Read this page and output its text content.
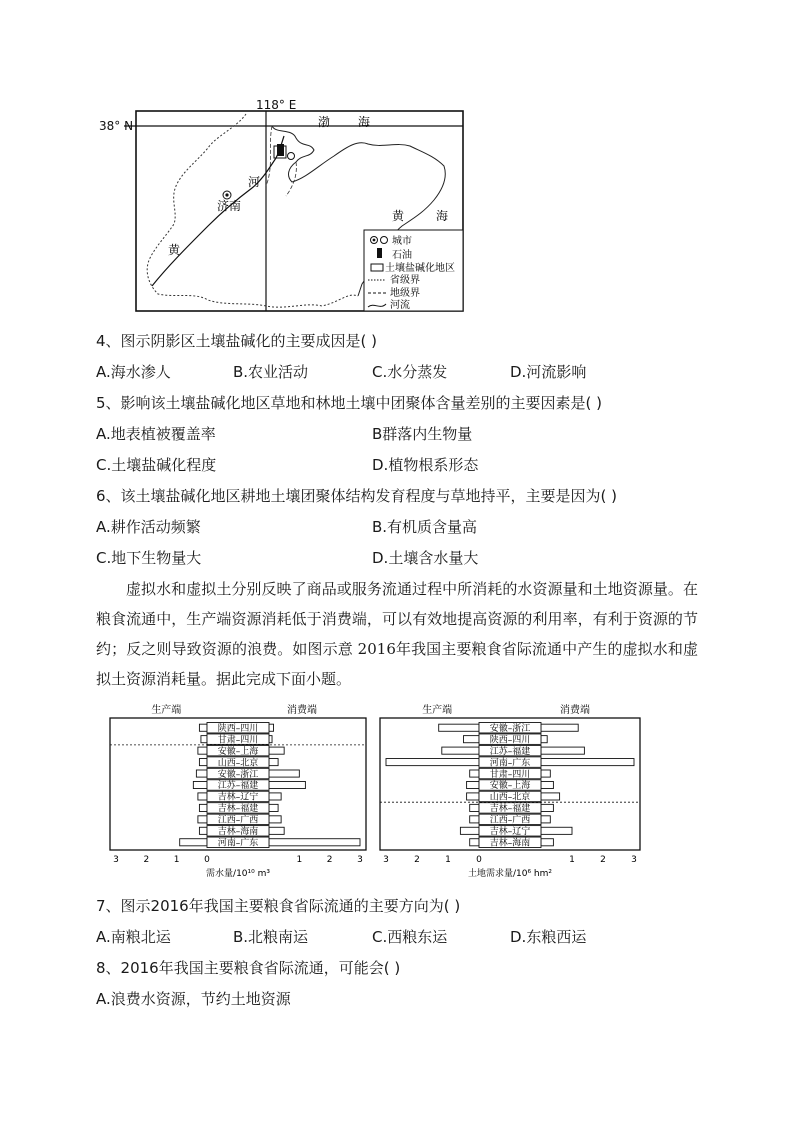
118° E
38° N	渤 海
河
黄
济南
黄	海
城市
石油
土壤盐碱化地区
省级界
地级界
河流
4、图示阴影区土壤盐碱化的主要成因是( )
A.海水渗人	B.农业活动	C.水分蒸发	D.河流影响
5、影响该土壤盐碱化地区草地和林地土壤中团聚体含量差别的主要因素是( )
A.地表植被覆盖率	B群落内生物量
C.土壤盐碱化程度	D.植物根系形态
6、该土壤盐碱化地区耕地土壤团聚体结构发育程度与草地持平，主要是因为( )
A.耕作活动频繁	B.有机质含量高
C.地下生物量大	D.土壤含水量大
虚拟水和虚拟土分别反映了商品或服务流通过程中所消耗的水资源量和土地资源量。在粮食流通中，生产端资源消耗低于消费端，可以有效地提高资源的利用率，有利于资源的节约；反之则导致资源的浪费。如图示意 2016年我国主要粮食省际流通中产生的虚拟水和虚拟土资源消耗量。据此完成下面小题。
生产端	消费端
陕西–四川
甘肃–四川
安徽–上海
山西–北京
安徽–浙江
江苏–福建
吉林–辽宁
吉林–福建
江西–广西
吉林–海南
河南–广东
3	2	1	0	1	2	3
需水量/10¹⁰ m³
生产端	消费端
安徽–浙江
陕西–四川
江苏–福建
河南–广东
甘肃–四川
安徽–上海
山西–北京
吉林–福建
江西–广西
吉林–辽宁
吉林–海南
3	2	1	0	1	2	3
土地需求量/10⁶ hm²
7、图示2016年我国主要粮食省际流通的主要方向为( )
A.南粮北运	B.北粮南运	C.西粮东运	D.东粮西运
8、2016年我国主要粮食省际流通，可能会( )
A.浪费水资源，节约土地资源
